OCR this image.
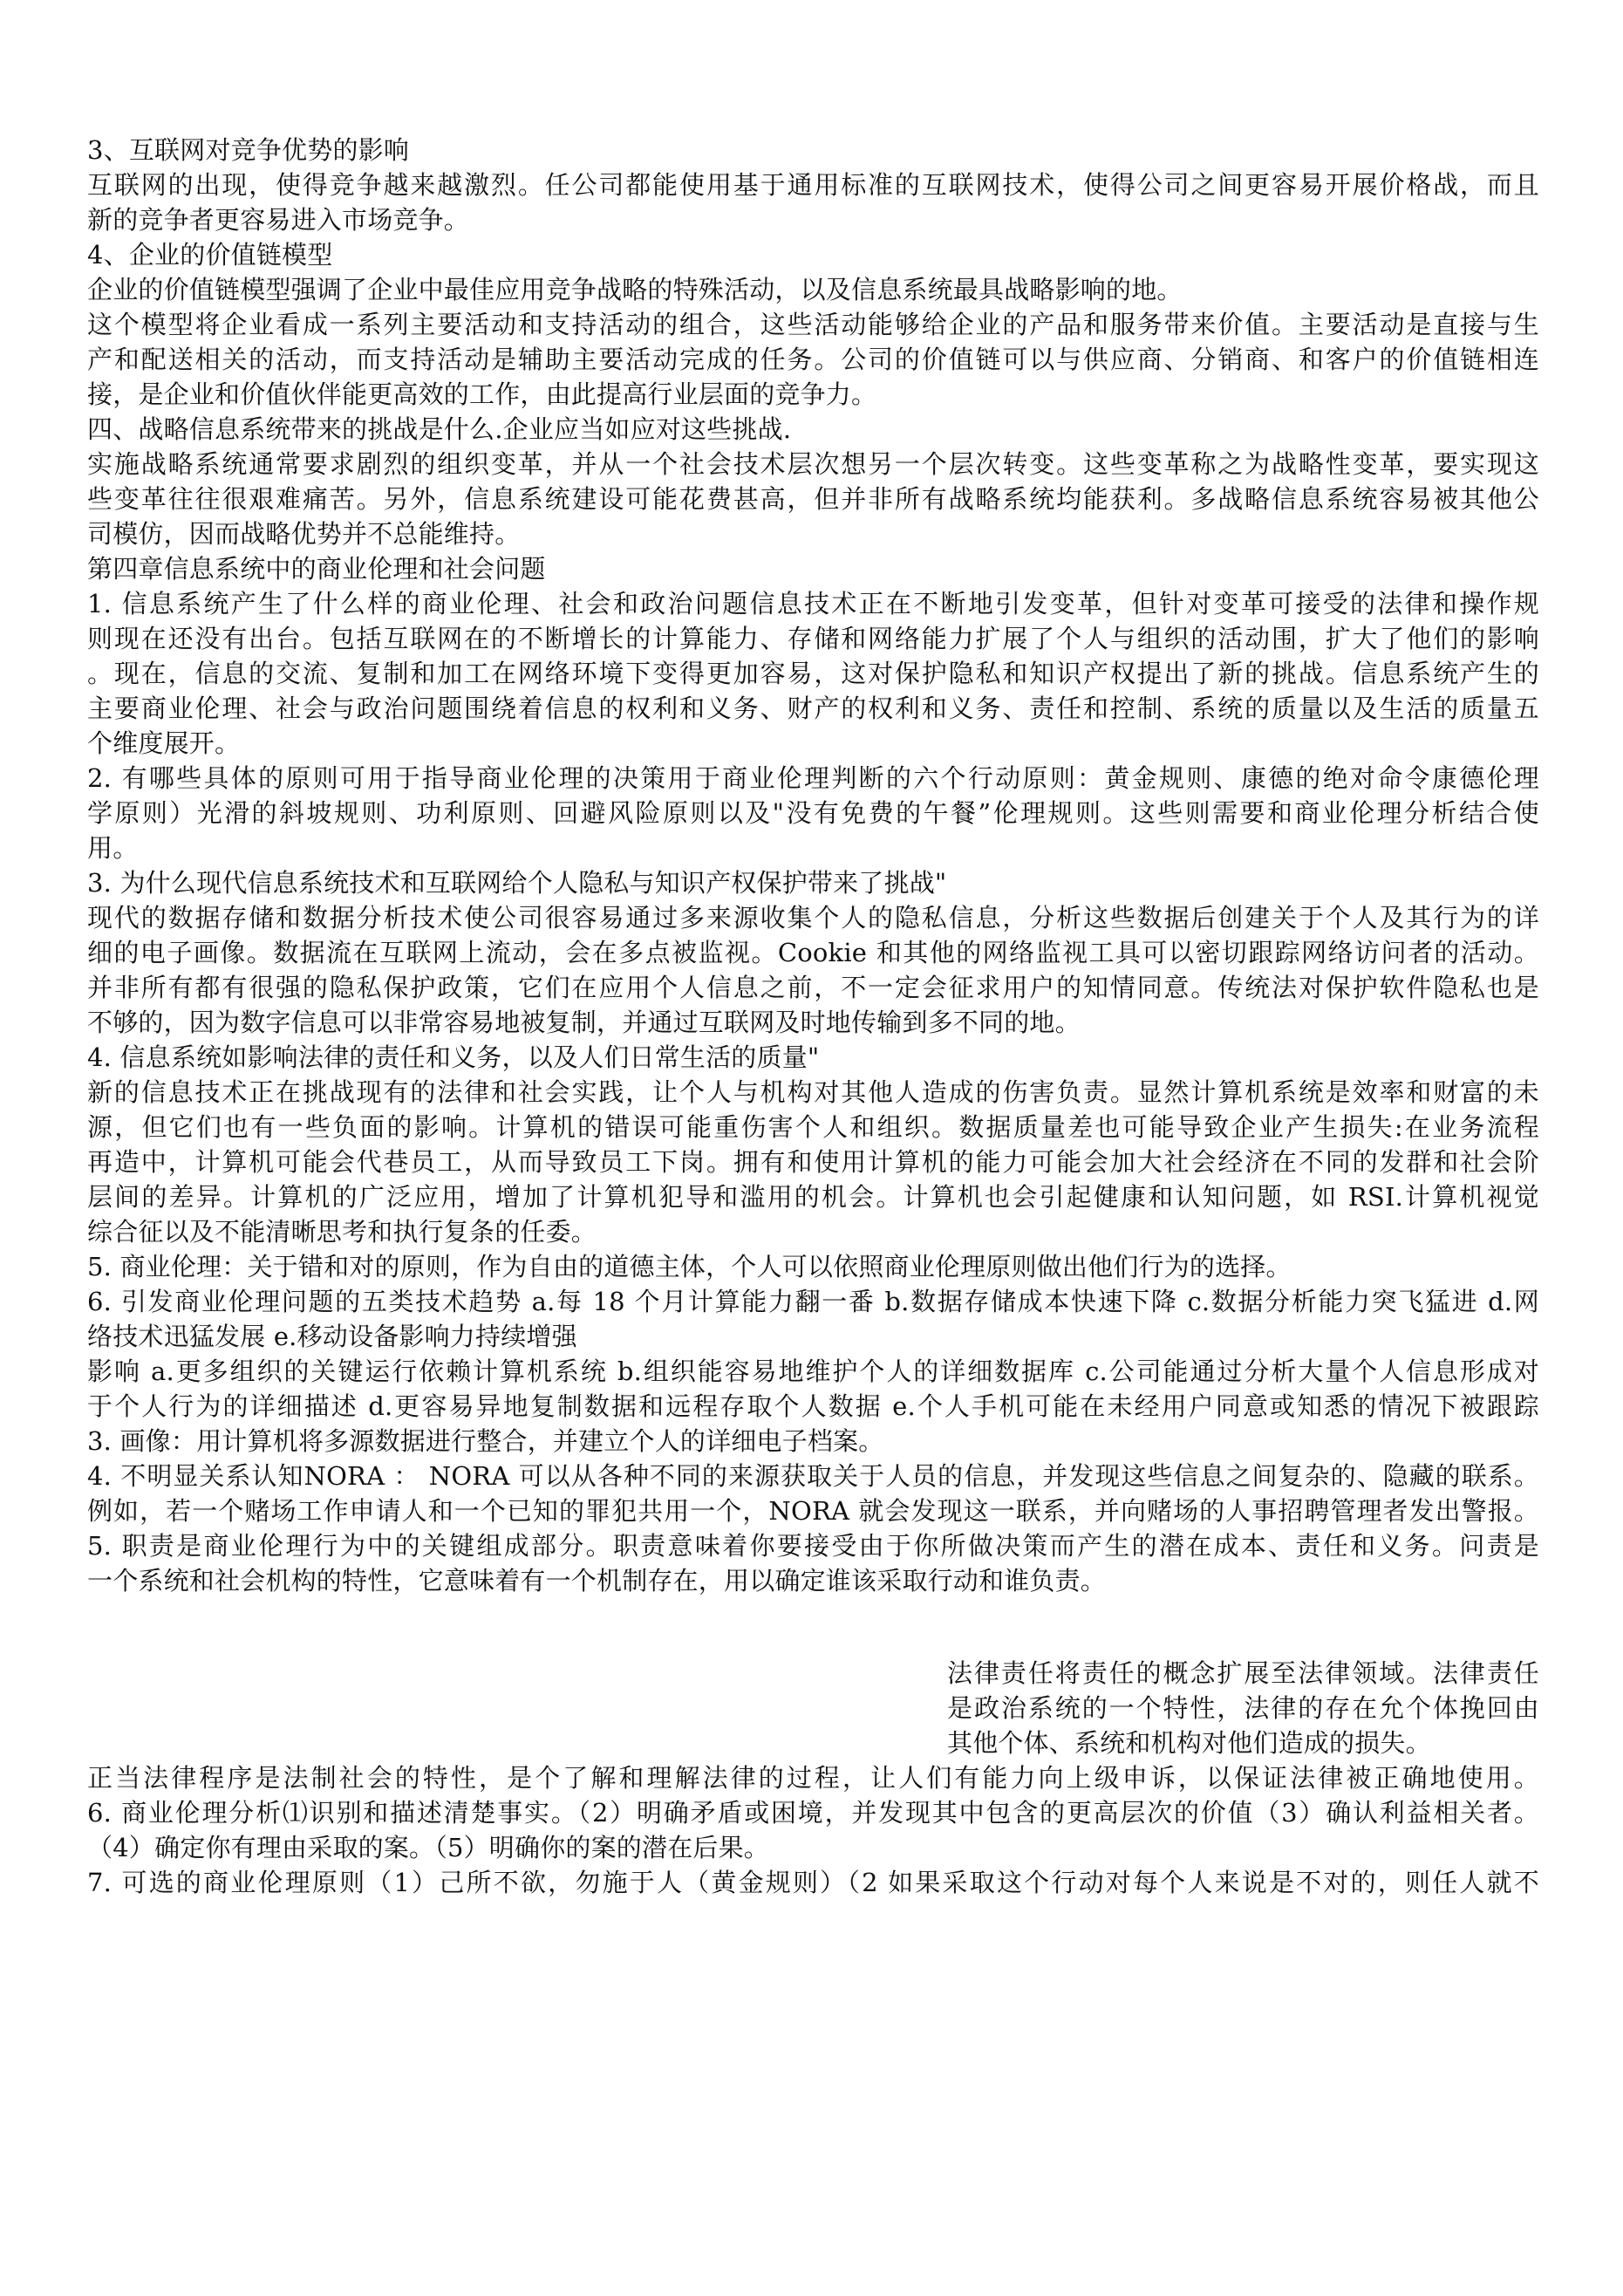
3、互联网对竞争优势的影响
互联网的出现，使得竞争越来越激烈。任公司都能使用基于通用标准的互联网技术，使得公司之间更容易开展价格战，而且
新的竞争者更容易进入市场竞争。
4、企业的价值链模型
企业的价值链模型强调了企业中最佳应用竞争战略的特殊活动，以及信息系统最具战略影响的地。
这个模型将企业看成一系列主要活动和支持活动的组合，这些活动能够给企业的产品和服务带来价值。主要活动是直接与生
产和配送相关的活动，而支持活动是辅助主要活动完成的任务。公司的价值链可以与供应商、分销商、和客户的价值链相连
接，是企业和价值伙伴能更高效的工作，由此提高行业层面的竞争力。
四、战略信息系统带来的挑战是什么.企业应当如应对这些挑战.
实施战略系统通常要求剧烈的组织变革，并从一个社会技术层次想另一个层次转变。这些变革称之为战略性变革，要实现这
些变革往往很艰难痛苦。另外，信息系统建设可能花费甚高，但并非所有战略系统均能获利。多战略信息系统容易被其他公
司模仿，因而战略优势并不总能维持。
第四章信息系统中的商业伦理和社会问题
1. 信息系统产生了什么样的商业伦理、社会和政治问题信息技术正在不断地引发变革，但针对变革可接受的法律和操作规
则现在还没有出台。包括互联网在的不断增长的计算能力、存储和网络能力扩展了个人与组织的活动围，扩大了他们的影响
。现在，信息的交流、复制和加工在网络环境下变得更加容易，这对保护隐私和知识产权提出了新的挑战。信息系统产生的
主要商业伦理、社会与政治问题围绕着信息的权利和义务、财产的权利和义务、责任和控制、系统的质量以及生活的质量五
个维度展开。
2. 有哪些具体的原则可用于指导商业伦理的决策用于商业伦理判断的六个行动原则：黄金规则、康德的绝对命令康德伦理
学原则）光滑的斜坡规则、功利原则、回避风险原则以及"没有免费的午餐”伦理规则。这些则需要和商业伦理分析结合使
用。
3. 为什么现代信息系统技术和互联网给个人隐私与知识产权保护带来了挑战"
现代的数据存储和数据分析技术使公司很容易通过多来源收集个人的隐私信息，分析这些数据后创建关于个人及其行为的详
细的电子画像。数据流在互联网上流动，会在多点被监视。Cookie 和其他的网络监视工具可以密切跟踪网络访问者的活动。
并非所有都有很强的隐私保护政策，它们在应用个人信息之前，不一定会征求用户的知情同意。传统法对保护软件隐私也是
不够的，因为数字信息可以非常容易地被复制，并通过互联网及时地传输到多不同的地。
4. 信息系统如影响法律的责任和义务，以及人们日常生活的质量"
新的信息技术正在挑战现有的法律和社会实践，让个人与机构对其他人造成的伤害负责。显然计算机系统是效率和财富的未
源，但它们也有一些负面的影响。计算机的错误可能重伤害个人和组织。数据质量差也可能导致企业产生损失:在业务流程
再造中，计算机可能会代巷员工，从而导致员工下岗。拥有和使用计算机的能力可能会加大社会经济在不同的发群和社会阶
层间的差异。计算机的广泛应用，增加了计算机犯导和滥用的机会。计算机也会引起健康和认知问题，如 RSI.计算机视觉
综合征以及不能清晰思考和执行复条的任委。
5. 商业伦理：关于错和对的原则，作为自由的道德主体，个人可以依照商业伦理原则做出他们行为的选择。
6. 引发商业伦理问题的五类技术趋势 a.每 18 个月计算能力翻一番 b.数据存储成本快速下降 c.数据分析能力突飞猛进 d.网
络技术迅猛发展 e.移动设备影响力持续增强
影响 a.更多组织的关键运行依赖计算机系统 b.组织能容易地维护个人的详细数据库 c.公司能通过分析大量个人信息形成对
于个人行为的详细描述 d.更容易异地复制数据和远程存取个人数据 e.个人手机可能在未经用户同意或知悉的情况下被跟踪
3. 画像：用计算机将多源数据进行整合，并建立个人的详细电子档案。
4. 不明显关系认知NORA ： NORA 可以从各种不同的来源获取关于人员的信息，并发现这些信息之间复杂的、隐藏的联系。
例如，若一个赌场工作申请人和一个已知的罪犯共用一个，NORA 就会发现这一联系，并向赌场的人事招聘管理者发出警报。
5. 职责是商业伦理行为中的关键组成部分。职责意味着你要接受由于你所做决策而产生的潜在成本、责任和义务。问责是
一个系统和社会机构的特性，它意味着有一个机制存在，用以确定谁该采取行动和谁负责。
法律责任将责任的概念扩展至法律领域。法律责任
是政治系统的一个特性，法律的存在允个体挽回由
其他个体、系统和机构对他们造成的损失。
正当法律程序是法制社会的特性，是个了解和理解法律的过程，让人们有能力向上级申诉，以保证法律被正确地使用。
6. 商业伦理分析⑴识别和描述清楚事实。（2）明确矛盾或困境，并发现其中包含的更高层次的价值（3）确认利益相关者。
（4）确定你有理由采取的案。（5）明确你的案的潜在后果。
7. 可选的商业伦理原则（1）己所不欲，勿施于人（黄金规则）（2 如果采取这个行动对每个人来说是不对的，则任人就不
